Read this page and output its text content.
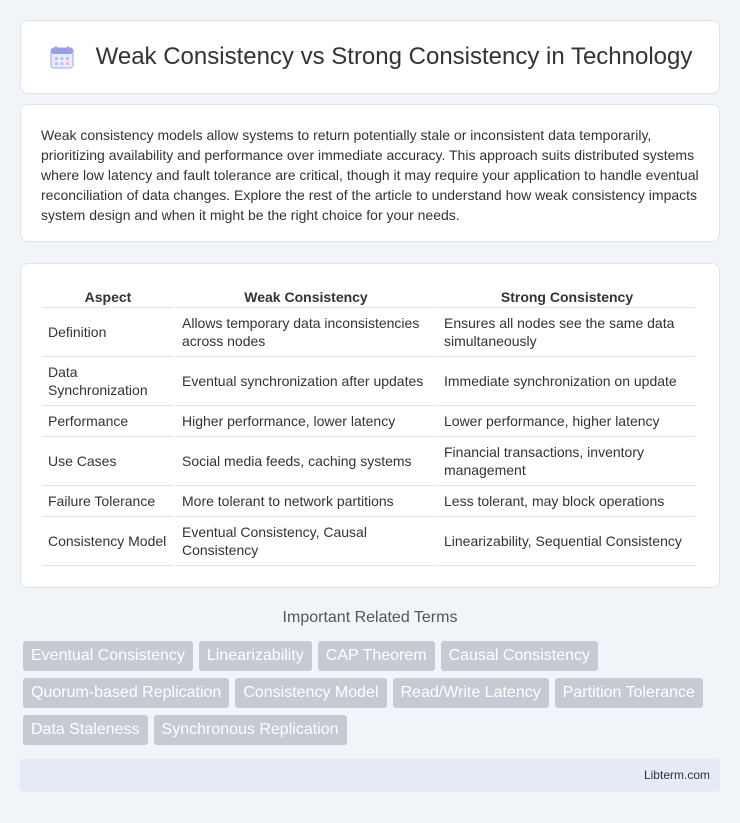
Weak Consistency vs Strong Consistency in Technology

Weak consistency models allow systems to return potentially stale or inconsistent data temporarily, prioritizing availability and performance over immediate accuracy. This approach suits distributed systems where low latency and fault tolerance are critical, though it may require your application to handle eventual reconciliation of data changes. Explore the rest of the article to understand how weak consistency impacts system design and when it might be the right choice for your needs.

Aspect	Weak Consistency	Strong Consistency
Definition	Allows temporary data inconsistencies across nodes	Ensures all nodes see the same data simultaneously
Data Synchronization	Eventual synchronization after updates	Immediate synchronization on update
Performance	Higher performance, lower latency	Lower performance, higher latency
Use Cases	Social media feeds, caching systems	Financial transactions, inventory management
Failure Tolerance	More tolerant to network partitions	Less tolerant, may block operations
Consistency Model	Eventual Consistency, Causal Consistency	Linearizability, Sequential Consistency
Important Related Terms
Eventual Consistency	Linearizability	CAP Theorem	Causal Consistency
Quorum-based Replication	Consistency Model	Read/Write Latency	Partition Tolerance
Data Staleness	Synchronous Replication
Libterm.com
